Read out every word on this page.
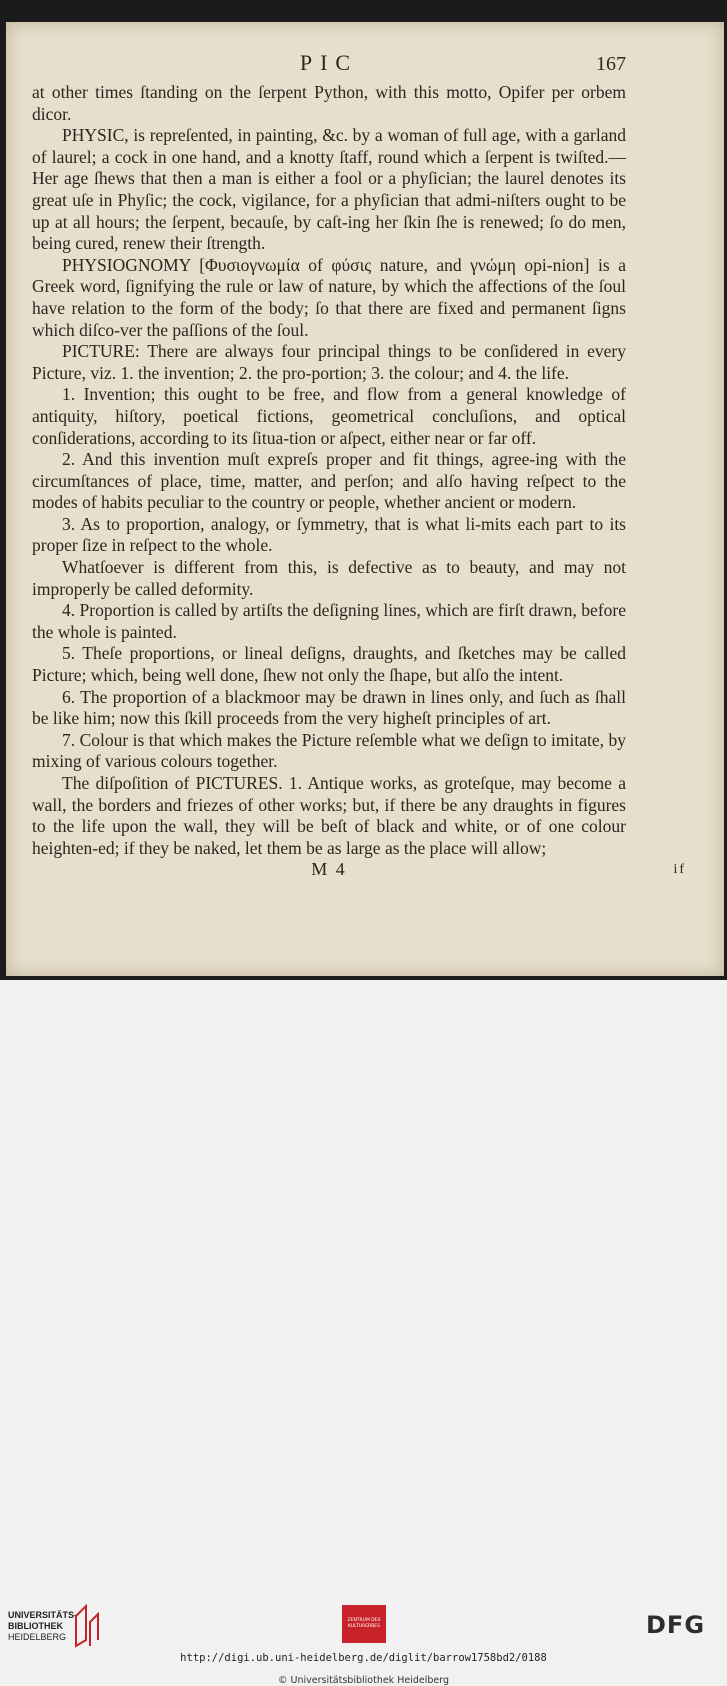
PIC	167

at other times ſtanding on the ſerpent Python, with this motto, Opifer per orbem dicor.

PHYSIC, is repreſented, in painting, &c. by a woman of full age, with a garland of laurel; a cock in one hand, and a knotty ſtaff, round which a ſerpent is twiſted.—Her age ſhews that then a man is either a fool or a phyſician; the laurel denotes its great uſe in Phyſic; the cock, vigilance, for a phyſician that admi-niſters ought to be up at all hours; the ſerpent, becauſe, by caſt-ing her ſkin ſhe is renewed; ſo do men, being cured, renew their ſtrength.

PHYSIOGNOMY [Φυσιογνωμία of φύσις nature, and γνώμη opi-nion] is a Greek word, ſignifying the rule or law of nature, by which the affections of the ſoul have relation to the form of the body; ſo that there are fixed and permanent ſigns which diſco-ver the paſſions of the ſoul.

PICTURE: There are always four principal things to be conſidered in every Picture, viz. 1. the invention; 2. the pro-portion; 3. the colour; and 4. the life.

1. Invention; this ought to be free, and flow from a general knowledge of antiquity, hiſtory, poetical fictions, geometrical concluſions, and optical conſiderations, according to its ſitua-tion or aſpect, either near or far off.

2. And this invention muſt expreſs proper and fit things, agree-ing with the circumſtances of place, time, matter, and perſon; and alſo having reſpect to the modes of habits peculiar to the country or people, whether ancient or modern.

3. As to proportion, analogy, or ſymmetry, that is what li-mits each part to its proper ſize in reſpect to the whole.

Whatſoever is different from this, is defective as to beauty, and may not improperly be called deformity.

4. Proportion is called by artiſts the deſigning lines, which are firſt drawn, before the whole is painted.

5. Theſe proportions, or lineal deſigns, draughts, and ſketches may be called Picture; which, being well done, ſhew not only the ſhape, but alſo the intent.

6. The proportion of a blackmoor may be drawn in lines only, and ſuch as ſhall be like him; now this ſkill proceeds from the very higheſt principles of art.

7. Colour is that which makes the Picture reſemble what we deſign to imitate, by mixing of various colours together.

The diſpoſition of PICTURES. 1. Antique works, as groteſque, may become a wall, the borders and friezes of other works; but, if there be any draughts in figures to the life upon the wall, they will be beſt of black and white, or of one colour heighten-ed; if they be naked, let them be as large as the place will allow;

M 4	if
UNIVERSITÄTS-
BIBLIOTHEK
HEIDELBERG
ZENTRUM DES KULTURERBES	DFG
http://digi.ub.uni-heidelberg.de/diglit/barrow1758bd2/0188
© Universitätsbibliothek Heidelberg
